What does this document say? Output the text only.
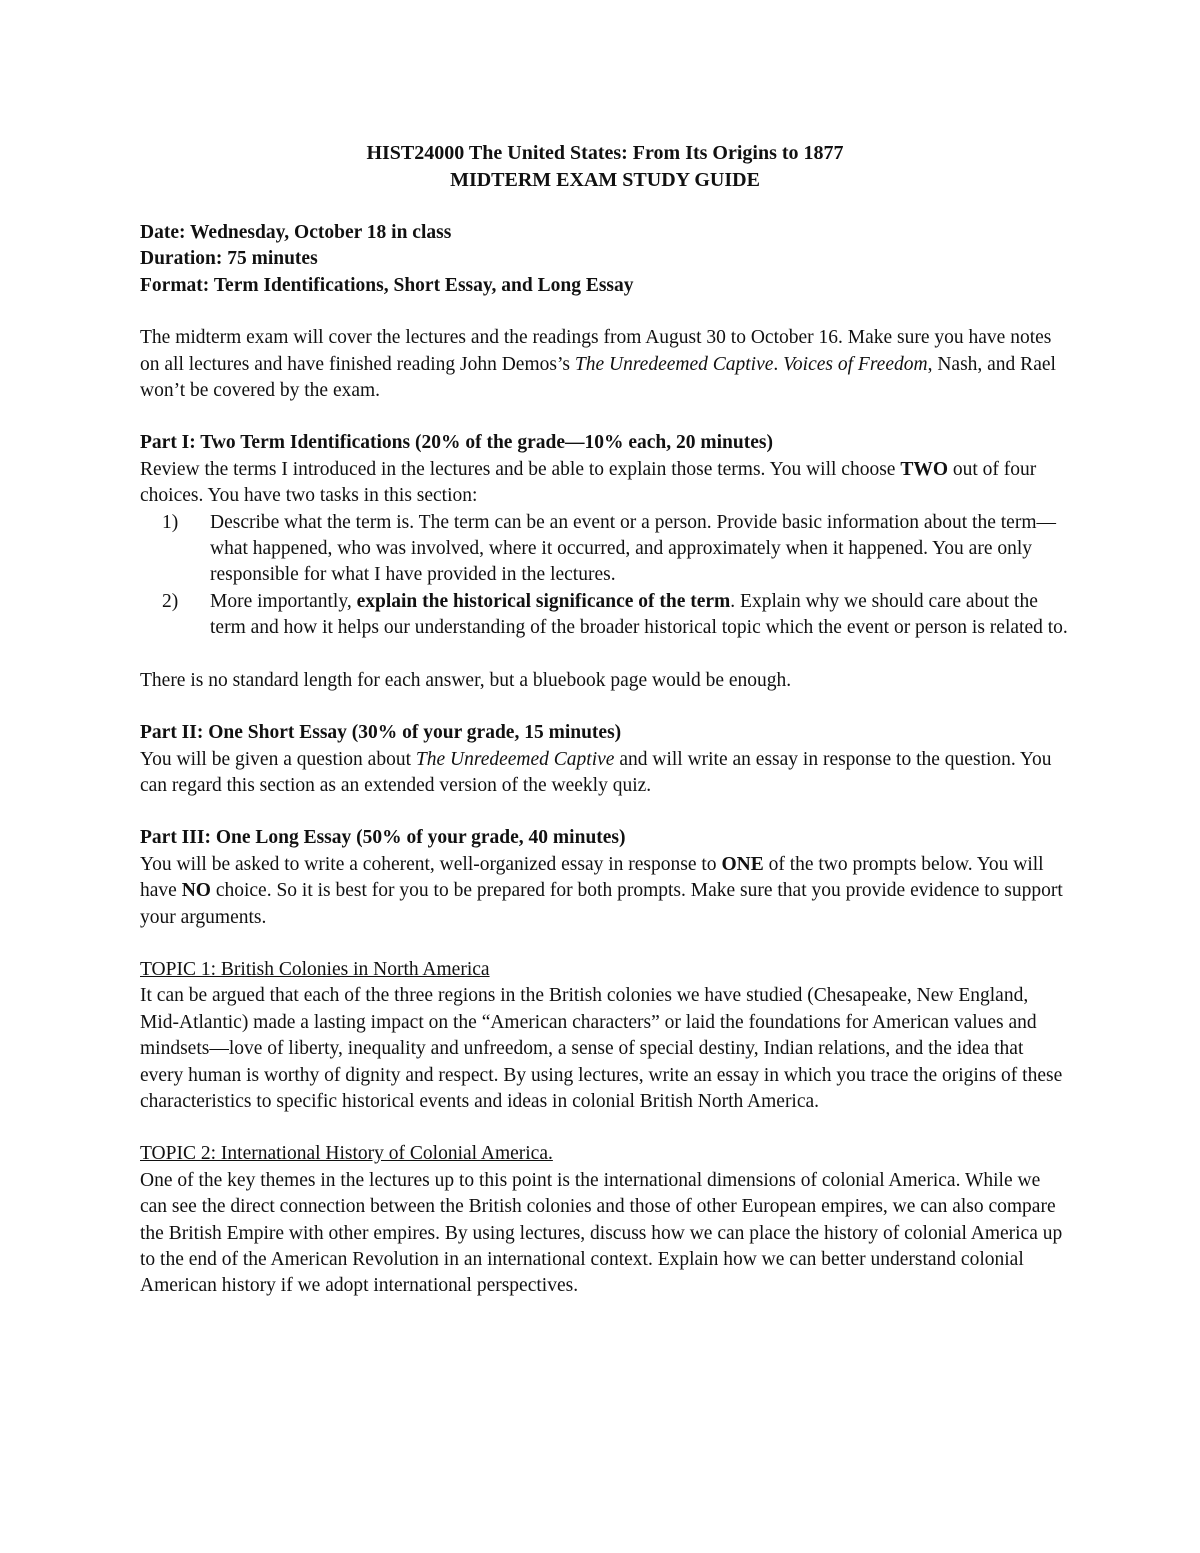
HIST24000 The United States: From Its Origins to 1877
MIDTERM EXAM STUDY GUIDE
Date: Wednesday, October 18 in class
Duration: 75 minutes
Format: Term Identifications, Short Essay, and Long Essay

The midterm exam will cover the lectures and the readings from August 30 to October 16. Make sure you have notes on all lectures and have finished reading John Demos’s The Unredeemed Captive. Voices of Freedom, Nash, and Rael won’t be covered by the exam.

Part I: Two Term Identifications (20% of the grade—10% each, 20 minutes)

Review the terms I introduced in the lectures and be able to explain those terms. You will choose TWO out of four choices. You have two tasks in this section:

1) Describe what the term is. The term can be an event or a person. Provide basic information about the term—what happened, who was involved, where it occurred, and approximately when it happened. You are only responsible for what I have provided in the lectures.
2) More importantly, explain the historical significance of the term. Explain why we should care about the term and how it helps our understanding of the broader historical topic which the event or person is related to.

There is no standard length for each answer, but a bluebook page would be enough.

Part II: One Short Essay (30% of your grade, 15 minutes)

You will be given a question about The Unredeemed Captive and will write an essay in response to the question. You can regard this section as an extended version of the weekly quiz.

Part III: One Long Essay (50% of your grade, 40 minutes)

You will be asked to write a coherent, well-organized essay in response to ONE of the two prompts below. You will have NO choice. So it is best for you to be prepared for both prompts. Make sure that you provide evidence to support your arguments.

TOPIC 1: British Colonies in North America

It can be argued that each of the three regions in the British colonies we have studied (Chesapeake, New England, Mid-Atlantic) made a lasting impact on the “American characters” or laid the foundations for American values and mindsets—love of liberty, inequality and unfreedom, a sense of special destiny, Indian relations, and the idea that every human is worthy of dignity and respect. By using lectures, write an essay in which you trace the origins of these characteristics to specific historical events and ideas in colonial British North America.

TOPIC 2: International History of Colonial America.

One of the key themes in the lectures up to this point is the international dimensions of colonial America. While we can see the direct connection between the British colonies and those of other European empires, we can also compare the British Empire with other empires. By using lectures, discuss how we can place the history of colonial America up to the end of the American Revolution in an international context. Explain how we can better understand colonial American history if we adopt international perspectives.
